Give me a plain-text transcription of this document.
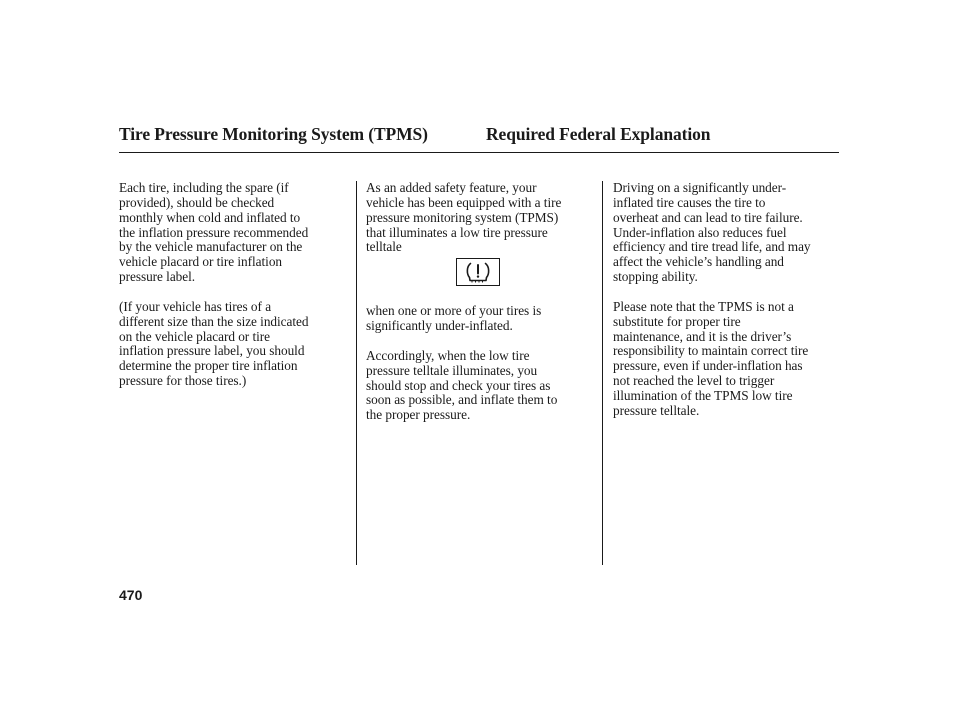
Tire Pressure Monitoring System (TPMS)	Required Federal Explanation

Each tire, including the spare (if
provided), should be checked
monthly when cold and inflated to
the inflation pressure recommended
by the vehicle manufacturer on the
vehicle placard or tire inflation
pressure label.

(If your vehicle has tires of a
different size than the size indicated
on the vehicle placard or tire
inflation pressure label, you should
determine the proper tire inflation
pressure for those tires.)

As an added safety feature, your
vehicle has been equipped with a tire
pressure monitoring system (TPMS)
that illuminates a low tire pressure
telltale

when one or more of your tires is
significantly under-inflated.

Accordingly, when the low tire
pressure telltale illuminates, you
should stop and check your tires as
soon as possible, and inflate them to
the proper pressure.

Driving on a significantly under-
inflated tire causes the tire to
overheat and can lead to tire failure.
Under-inflation also reduces fuel
efficiency and tire tread life, and may
affect the vehicle’s handling and
stopping ability.

Please note that the TPMS is not a
substitute for proper tire
maintenance, and it is the driver’s
responsibility to maintain correct tire
pressure, even if under-inflation has
not reached the level to trigger
illumination of the TPMS low tire
pressure telltale.

470
